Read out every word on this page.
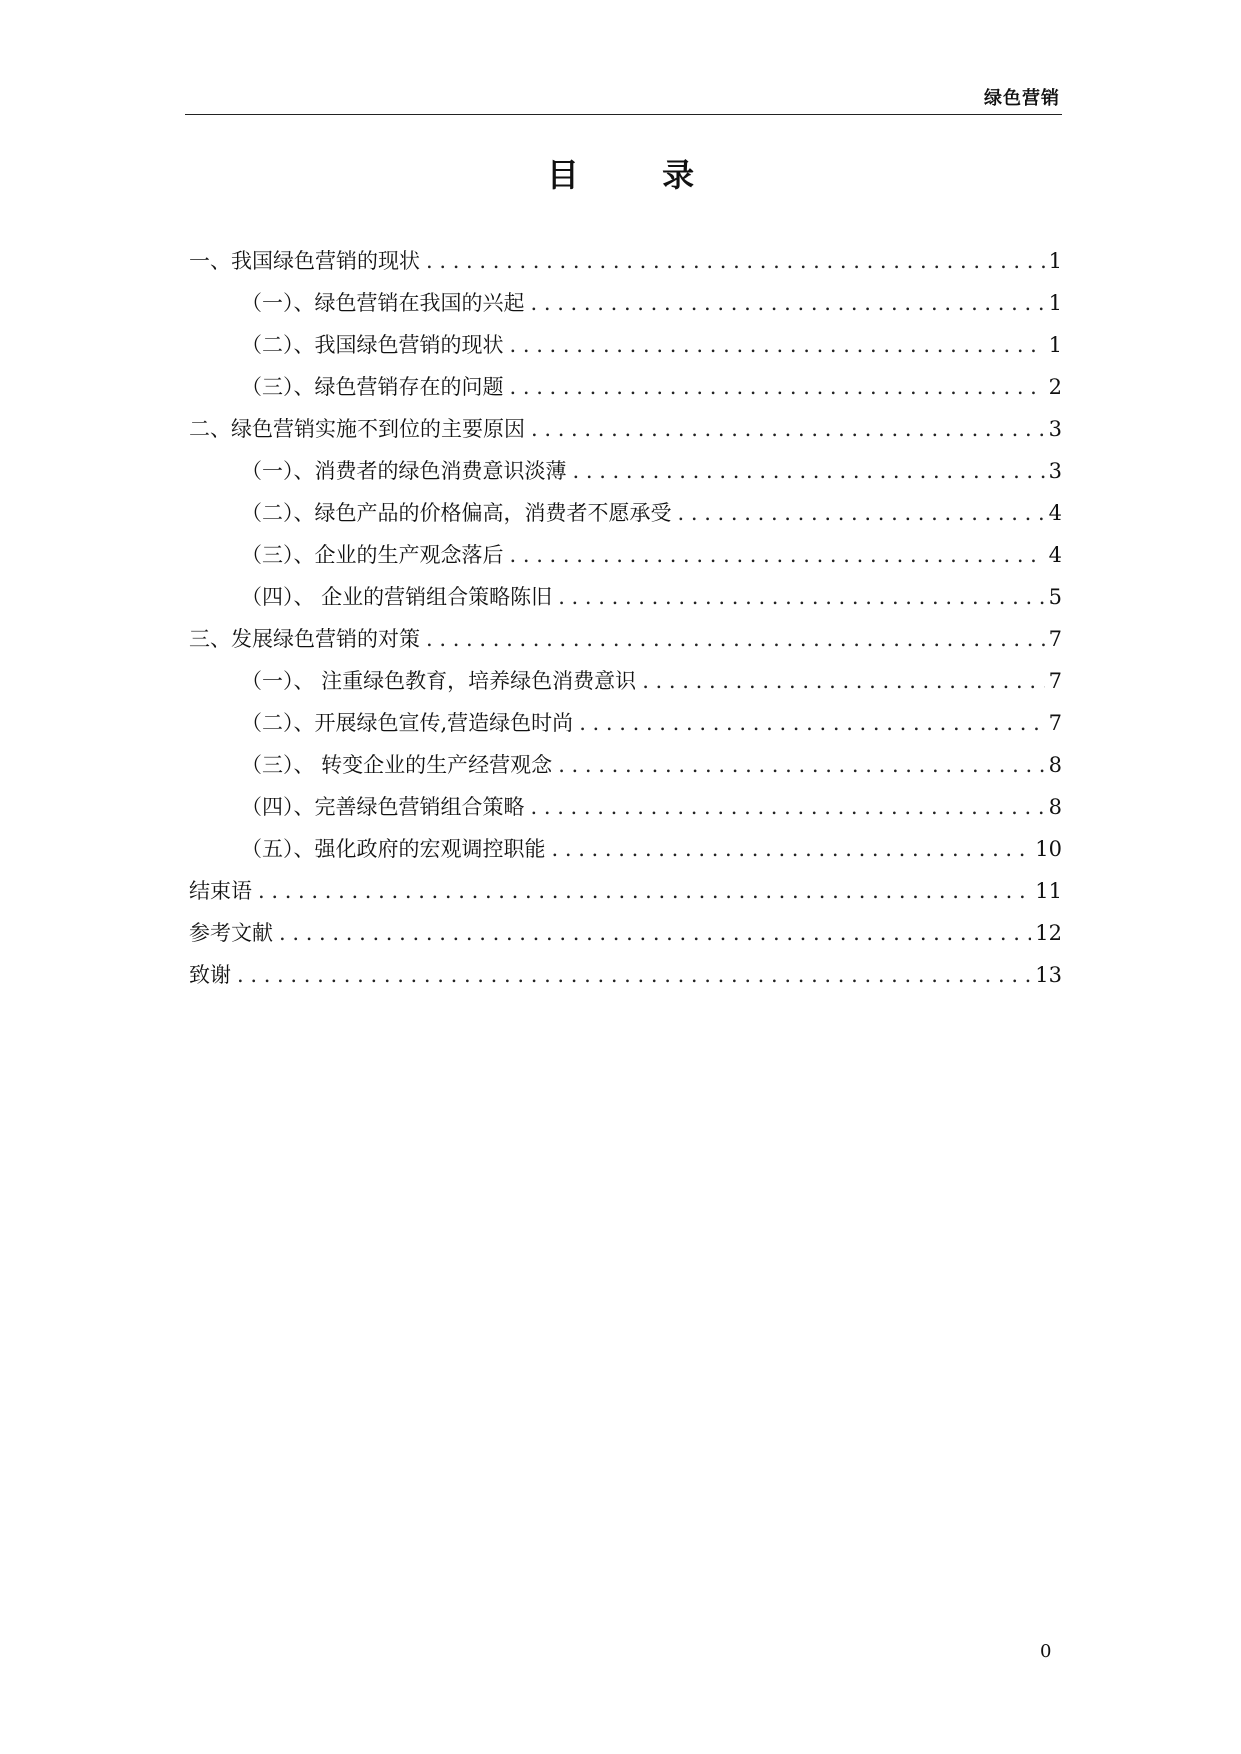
绿色营销
目 录
一、我国绿色营销的现状 . . .	1
（一）、绿色营销在我国的兴起 . . .	1
（二）、我国绿色营销的现状 . . .	1
（三）、绿色营销存在的问题 . . .	2
二、绿色营销实施不到位的主要原因 . . .	3
（一）、消费者的绿色消费意识淡薄 . . .	3
（二）、绿色产品的价格偏高，消费者不愿承受 . . .	4
（三）、企业的生产观念落后 . . .	4
（四）、 企业的营销组合策略陈旧 . . .	5
三、发展绿色营销的对策 . . .	7
（一）、 注重绿色教育，培养绿色消费意识 . . .	7
（二）、开展绿色宣传,营造绿色时尚 . . .	7
（三）、 转变企业的生产经营观念 . . .	8
（四）、完善绿色营销组合策略 . . .	8
（五）、强化政府的宏观调控职能 . . .	10
结束语 . . .	11
参考文献 . . .	12
致谢 . . .	13
0
